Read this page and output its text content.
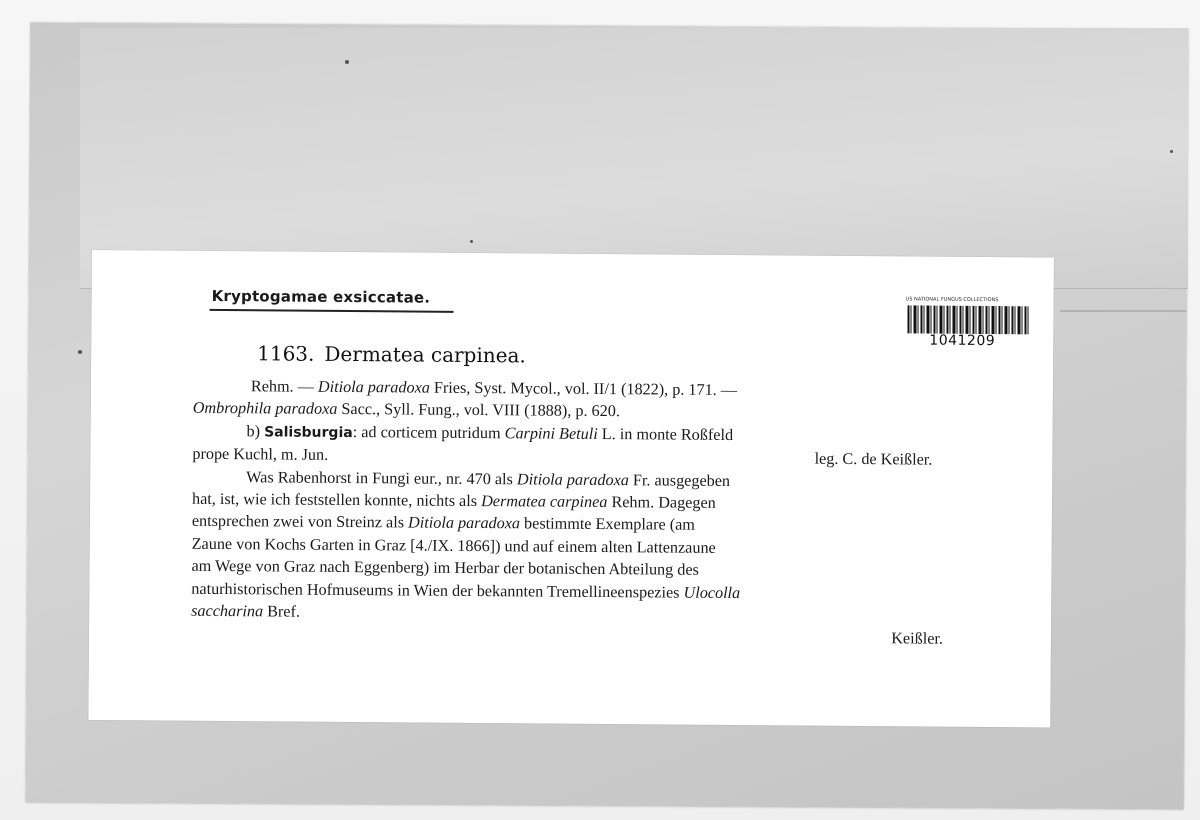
Kryptogamae exsiccatae.	US NATIONAL FUNGUS COLLECTIONS
1041209
1163. Dermatea carpinea.
Rehm. — Ditiola paradoxa Fries, Syst. Mycol., vol. II/1 (1822), p. 171. —
Ombrophila paradoxa Sacc., Syll. Fung., vol. VIII (1888), p. 620.
b) Salisburgia: ad corticem putridum Carpini Betuli L. in monte Roßfeld
prope Kuchl, m. Jun.	leg. C. de Keißler.
Was Rabenhorst in Fungi eur., nr. 470 als Ditiola paradoxa Fr. ausgegeben
hat, ist, wie ich feststellen konnte, nichts als Dermatea carpinea Rehm. Dagegen
entsprechen zwei von Streinz als Ditiola paradoxa bestimmte Exemplare (am
Zaune von Kochs Garten in Graz [4./IX. 1866]) und auf einem alten Lattenzaune
am Wege von Graz nach Eggenberg) im Herbar der botanischen Abteilung des
naturhistorischen Hofmuseums in Wien der bekannten Tremellineenspezies Ulocolla
saccharina Bref.
Keißler.
